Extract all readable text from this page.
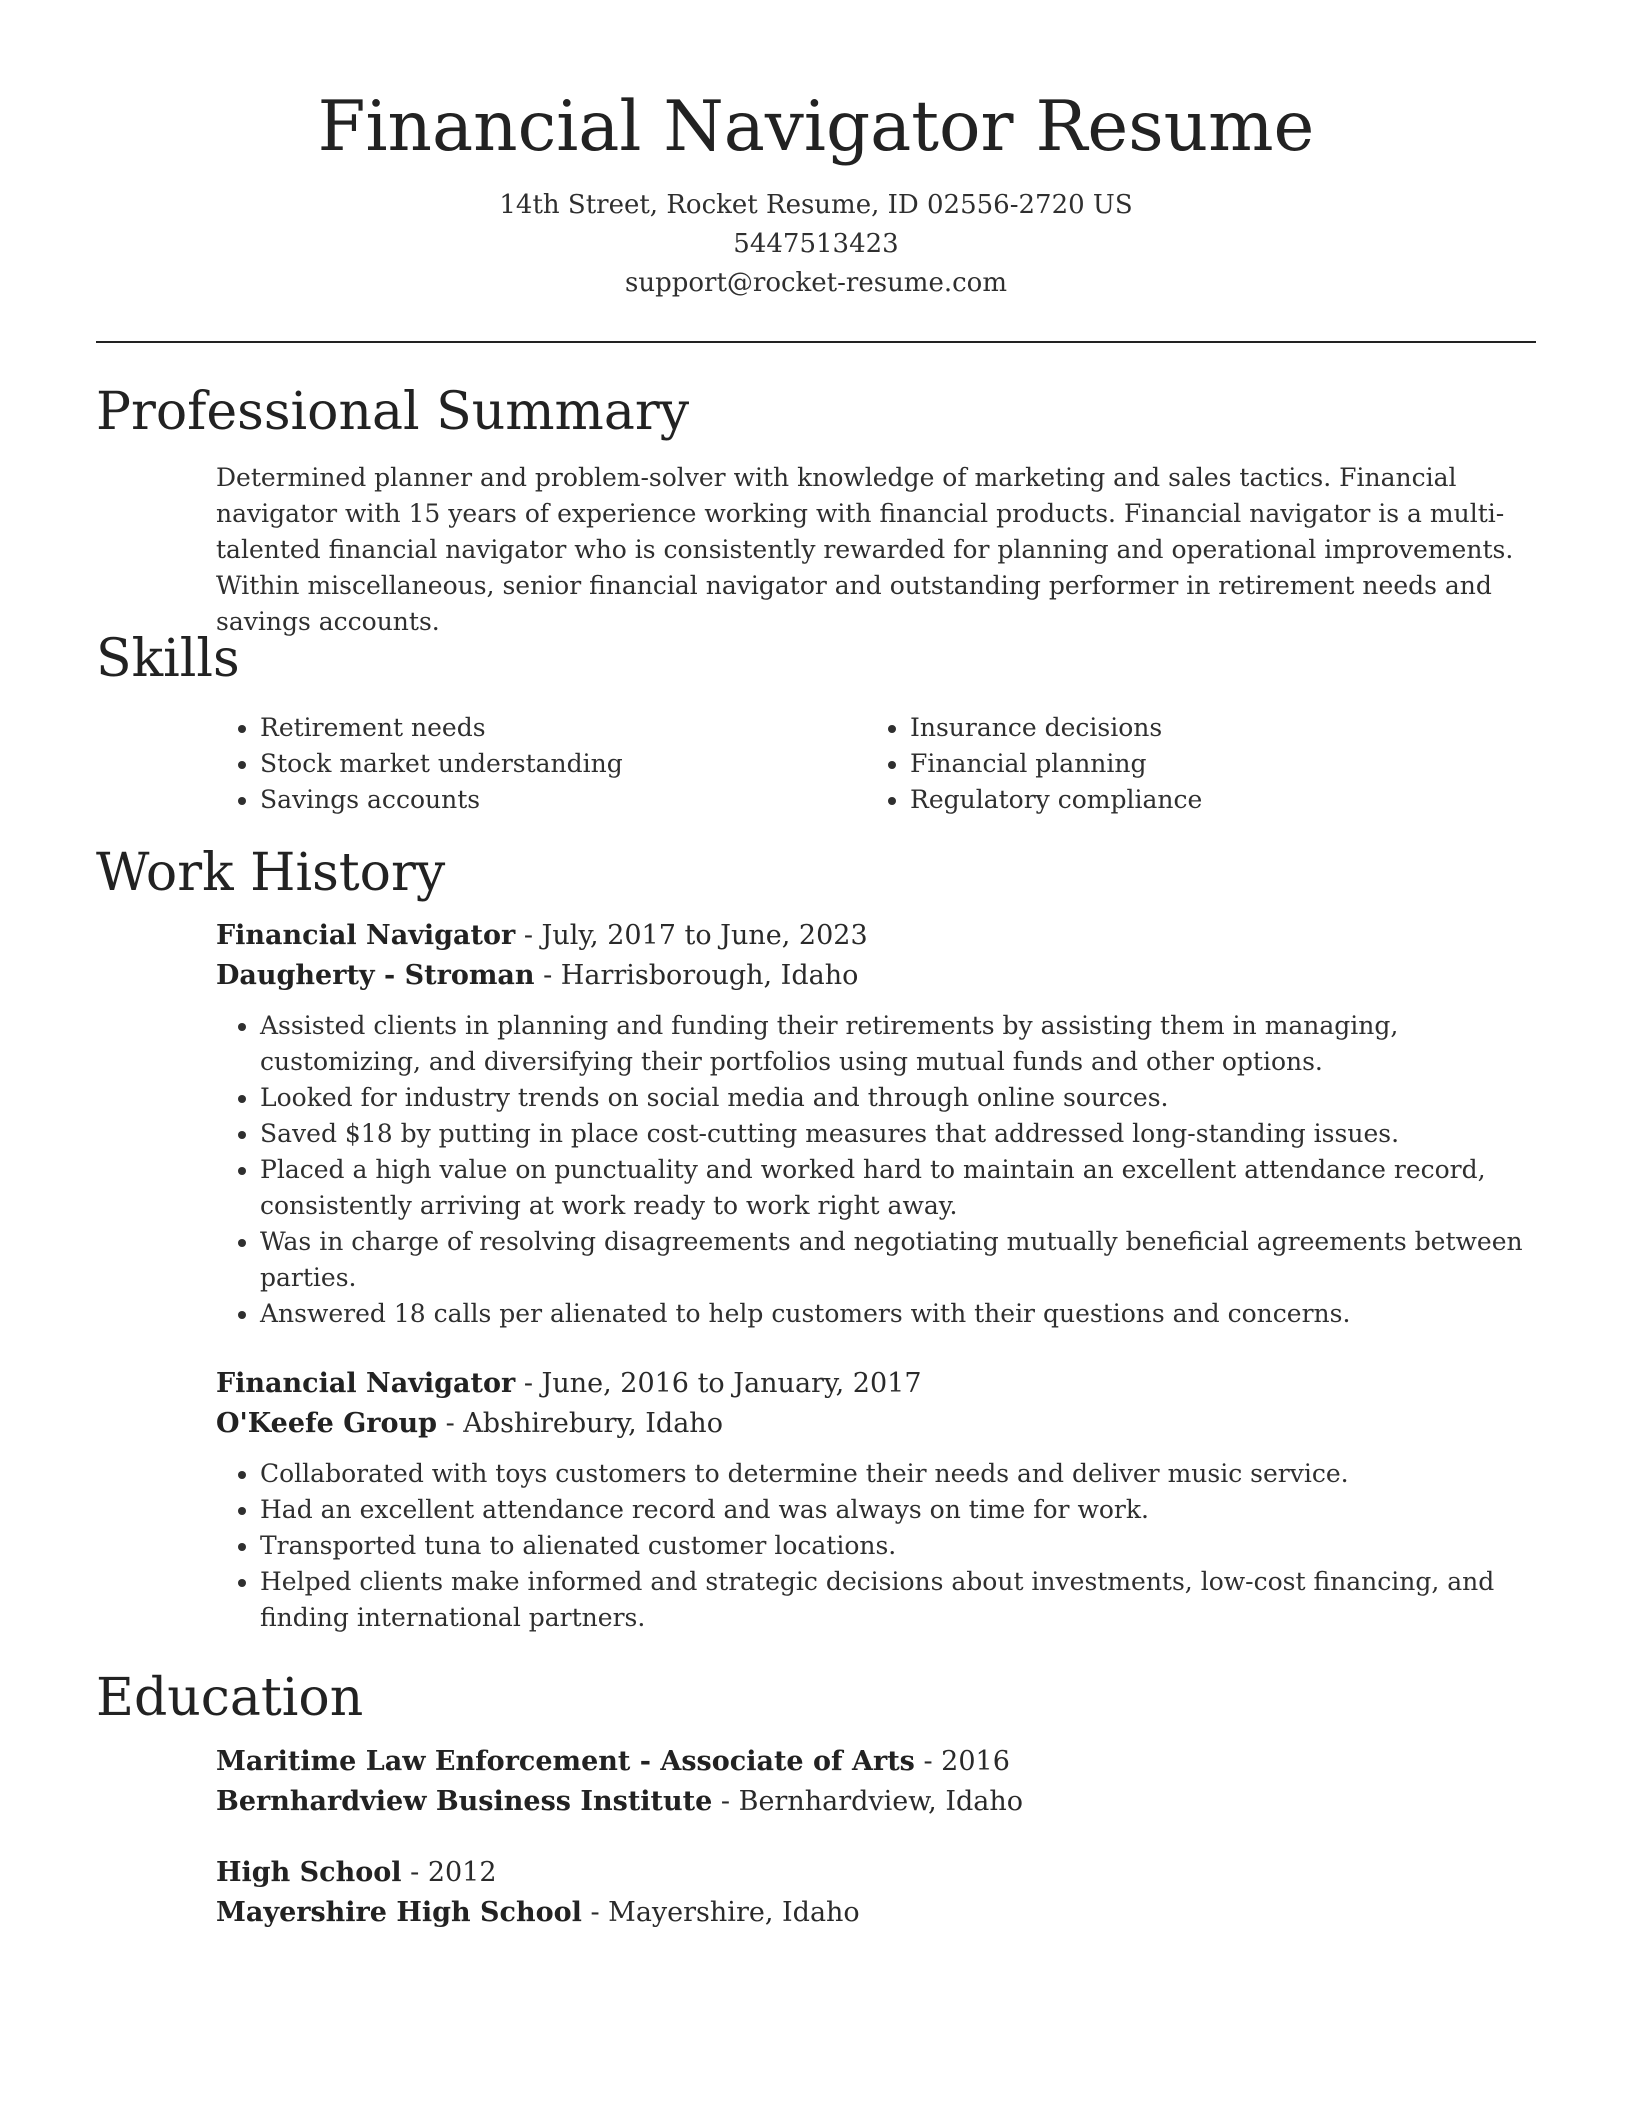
Financial Navigator Resume
14th Street, Rocket Resume, ID 02556-2720 US
5447513423
support@rocket-resume.com
Professional Summary

Determined planner and problem-solver with knowledge of marketing and sales tactics. Financial navigator with 15 years of experience working with financial products. Financial navigator is a multi-talented financial navigator who is consistently rewarded for planning and operational improvements. Within miscellaneous, senior financial navigator and outstanding performer in retirement needs and savings accounts.

Skills
• Retirement needs
• Stock market understanding
• Savings accounts
• Insurance decisions
• Financial planning
• Regulatory compliance
Work History
Financial Navigator - July, 2017 to June, 2023
Daugherty - Stroman - Harrisborough, Idaho
• Assisted clients in planning and funding their retirements by assisting them in managing, customizing, and diversifying their portfolios using mutual funds and other options.
• Looked for industry trends on social media and through online sources.
• Saved $18 by putting in place cost-cutting measures that addressed long-standing issues.
• Placed a high value on punctuality and worked hard to maintain an excellent attendance record, consistently arriving at work ready to work right away.
• Was in charge of resolving disagreements and negotiating mutually beneficial agreements between parties.
• Answered 18 calls per alienated to help customers with their questions and concerns.
Financial Navigator - June, 2016 to January, 2017
O'Keefe Group - Abshirebury, Idaho
• Collaborated with toys customers to determine their needs and deliver music service.
• Had an excellent attendance record and was always on time for work.
• Transported tuna to alienated customer locations.
• Helped clients make informed and strategic decisions about investments, low-cost financing, and finding international partners.
Education
Maritime Law Enforcement - Associate of Arts - 2016
Bernhardview Business Institute - Bernhardview, Idaho
High School - 2012
Mayershire High School - Mayershire, Idaho
